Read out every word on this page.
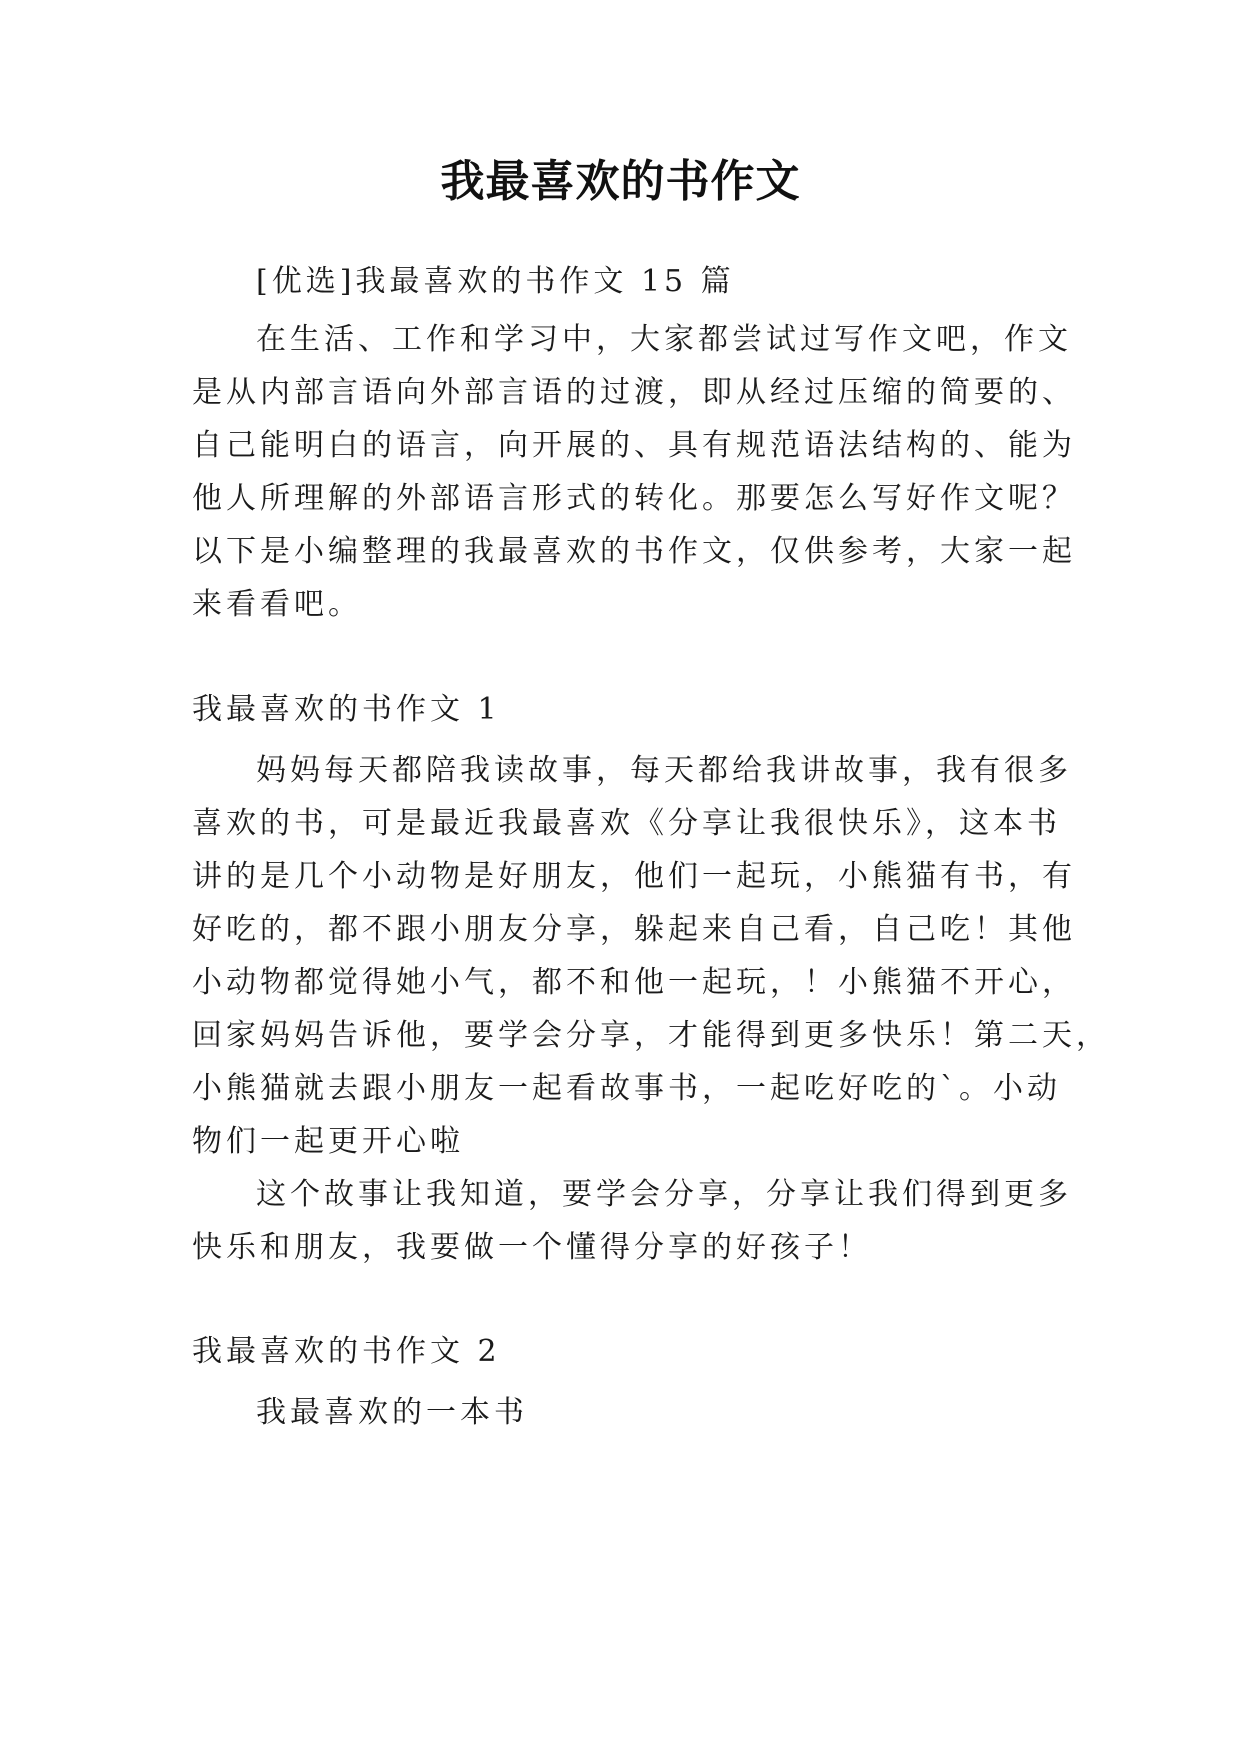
我最喜欢的书作文
[优选]我最喜欢的书作文 15 篇
在生活、工作和学习中，大家都尝试过写作文吧，作文
是从内部言语向外部言语的过渡，即从经过压缩的简要的、
自己能明白的语言，向开展的、具有规范语法结构的、能为
他人所理解的外部语言形式的转化。那要怎么写好作文呢？
以下是小编整理的我最喜欢的书作文，仅供参考，大家一起
来看看吧。
我最喜欢的书作文 1
妈妈每天都陪我读故事，每天都给我讲故事，我有很多
喜欢的书，可是最近我最喜欢《分享让我很快乐》，这本书
讲的是几个小动物是好朋友，他们一起玩，小熊猫有书，有
好吃的，都不跟小朋友分享，躲起来自己看，自己吃！其他
小动物都觉得她小气，都不和他一起玩，！小熊猫不开心，
回家妈妈告诉他，要学会分享，才能得到更多快乐！第二天，
小熊猫就去跟小朋友一起看故事书，一起吃好吃的`。小动
物们一起更开心啦
这个故事让我知道，要学会分享，分享让我们得到更多
快乐和朋友，我要做一个懂得分享的好孩子！
我最喜欢的书作文 2
我最喜欢的一本书
